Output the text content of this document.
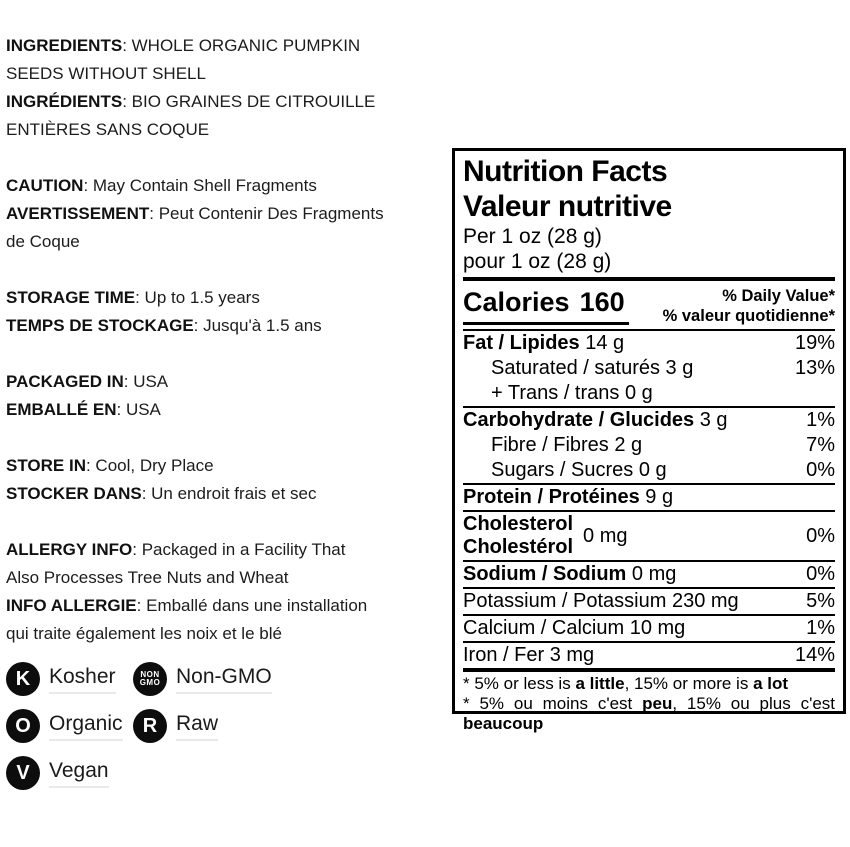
INGREDIENTS: WHOLE ORGANIC PUMPKIN
SEEDS WITHOUT SHELL
INGRÉDIENTS: BIO GRAINES DE CITROUILLE
ENTIÈRES SANS COQUE

CAUTION: May Contain Shell Fragments
AVERTISSEMENT: Peut Contenir Des Fragments
de Coque

STORAGE TIME: Up to 1.5 years
TEMPS DE STOCKAGE: Jusqu'à 1.5 ans

PACKAGED IN: USA
EMBALLÉ EN: USA

STORE IN: Cool, Dry Place
STOCKER DANS: Un endroit frais et sec

ALLERGY INFO: Packaged in a Facility That
Also Processes Tree Nuts and Wheat
INFO ALLERGIE: Emballé dans une installation
qui traite également les noix et le blé

K Kosher	NON
GMO Non-GMO
O Organic	R Raw
V Vegan
Nutrition Facts
Valeur nutritive

Per 1 oz (28 g)

pour 1 oz (28 g)

Calories 160	% Daily Value*
% valeur quotidienne*
Fat / Lipides 14 g	19%
Saturated / saturés 3 g	13%
+ Trans / trans 0 g
Carbohydrate / Glucides 3 g	1%
Fibre / Fibres 2 g	7%
Sugars / Sucres 0 g	0%
Protein / Protéines 9 g
Cholesterol
Cholestérol
0 mg	0%
Sodium / Sodium 0 mg	0%
Potassium / Potassium 230 mg	5%
Calcium / Calcium 10 mg	1%
Iron / Fer 3 mg	14%

* 5% or less is a little, 15% or more is a lot

* 5% ou moins c'est peu, 15% ou plus c'est beaucoup
